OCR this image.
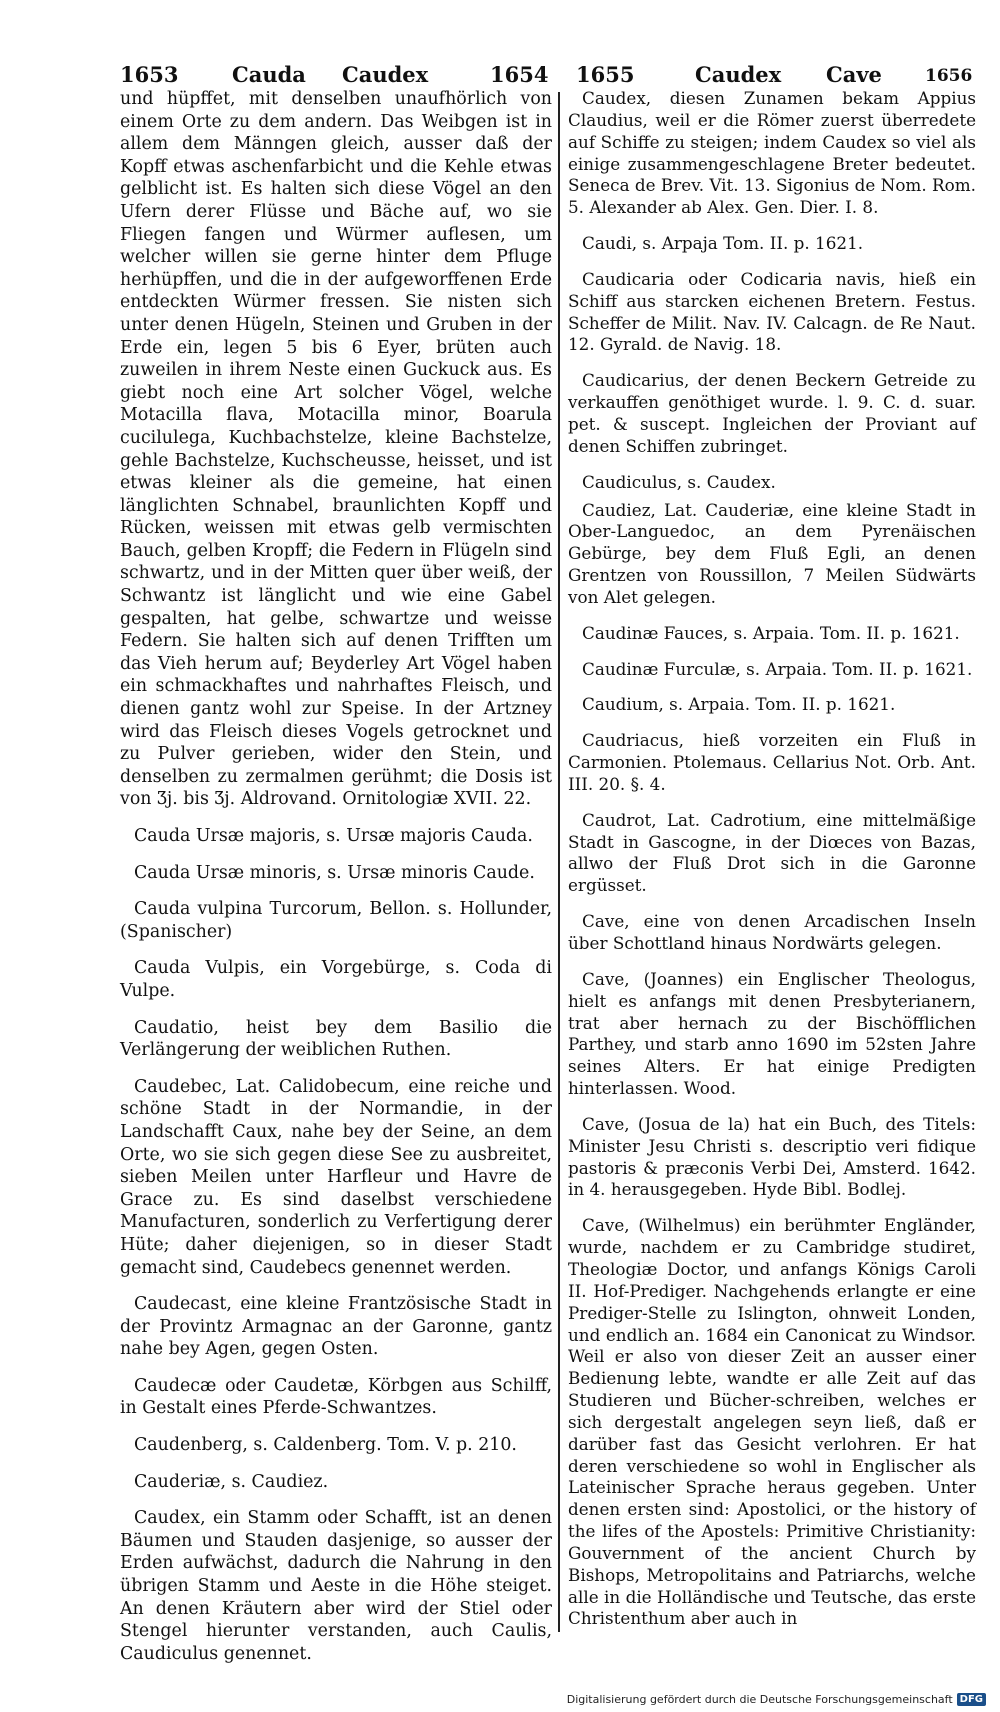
1653	Cauda Caudex	1654 1655	Caudex Cave	1656

und hüpffet, mit denselben unaufhörlich von einem Orte zu dem andern. Das Weibgen ist in allem dem Männgen gleich, ausser daß der Kopff etwas aschenfarbicht und die Kehle etwas gelblicht ist. Es halten sich diese Vögel an den Ufern derer Flüsse und Bäche auf, wo sie Fliegen fangen und Würmer auflesen, um welcher willen sie gerne hinter dem Pfluge herhüpffen, und die in der aufgeworffenen Erde entdeckten Würmer fressen. Sie nisten sich unter denen Hügeln, Steinen und Gruben in der Erde ein, legen 5 bis 6 Eyer, brüten auch zuweilen in ihrem Neste einen Guckuck aus. Es giebt noch eine Art solcher Vögel, welche Motacilla flava, Motacilla minor, Boarula cucilulega, Kuchbachstelze, kleine Bachstelze, gehle Bachstelze, Kuchscheusse, heisset, und ist etwas kleiner als die gemeine, hat einen länglichten Schnabel, braunlichten Kopff und Rücken, weissen mit etwas gelb vermischten Bauch, gelben Kropff; die Federn in Flügeln sind schwartz, und in der Mitten quer über weiß, der Schwantz ist länglicht und wie eine Gabel gespalten, hat gelbe, schwartze und weisse Federn. Sie halten sich auf denen Trifften um das Vieh herum auf; Beyderley Art Vögel haben ein schmackhaftes und nahrhaftes Fleisch, und dienen gantz wohl zur Speise. In der Artzney wird das Fleisch dieses Vogels getrocknet und zu Pulver gerieben, wider den Stein, und denselben zu zermalmen gerühmt; die Dosis ist von Ʒj. bis Ʒj. Aldrovand. Ornitologiæ XVII. 22.

Cauda Ursæ majoris, s. Ursæ majoris Cauda.

Cauda Ursæ minoris, s. Ursæ minoris Caude.

Cauda vulpina Turcorum, Bellon. s. Hollunder, (Spanischer)

Cauda Vulpis, ein Vorgebürge, s. Coda di Vulpe.

Caudatio, heist bey dem Basilio die Verlängerung der weiblichen Ruthen.

Caudebec, Lat. Calidobecum, eine reiche und schöne Stadt in der Normandie, in der Landschafft Caux, nahe bey der Seine, an dem Orte, wo sie sich gegen diese See zu ausbreitet, sieben Meilen unter Harfleur und Havre de Grace zu. Es sind daselbst verschiedene Manufacturen, sonderlich zu Verfertigung derer Hüte; daher diejenigen, so in dieser Stadt gemacht sind, Caudebecs genennet werden.

Caudecast, eine kleine Frantzösische Stadt in der Provintz Armagnac an der Garonne, gantz nahe bey Agen, gegen Osten.

Caudecæ oder Caudetæ, Körbgen aus Schilff, in Gestalt eines Pferde-Schwantzes.

Caudenberg, s. Caldenberg. Tom. V. p. 210.

Cauderiæ, s. Caudiez.

Caudex, ein Stamm oder Schafft, ist an denen Bäumen und Stauden dasjenige, so ausser der Erden aufwächst, dadurch die Nahrung in den übrigen Stamm und Aeste in die Höhe steiget. An denen Kräutern aber wird der Stiel oder Stengel hierunter verstanden, auch Caulis, Caudiculus genennet.

Caudex, diesen Zunamen bekam Appius Claudius, weil er die Römer zuerst überredete auf Schiffe zu steigen; indem Caudex so viel als einige zusammengeschlagene Breter bedeutet. Seneca de Brev. Vit. 13. Sigonius de Nom. Rom. 5. Alexander ab Alex. Gen. Dier. I. 8.

Caudi, s. Arpaja Tom. II. p. 1621.

Caudicaria oder Codicaria navis, hieß ein Schiff aus starcken eichenen Bretern. Festus. Scheffer de Milit. Nav. IV. Calcagn. de Re Naut. 12. Gyrald. de Navig. 18.

Caudicarius, der denen Beckern Getreide zu verkauffen genöthiget wurde. l. 9. C. d. suar. pet. & suscept. Ingleichen der Proviant auf denen Schiffen zubringet.

Caudiculus, s. Caudex.

Caudiez, Lat. Cauderiæ, eine kleine Stadt in Ober-Languedoc, an dem Pyrenäischen Gebürge, bey dem Fluß Egli, an denen Grentzen von Roussillon, 7 Meilen Südwärts von Alet gelegen.

Caudinæ Fauces, s. Arpaia. Tom. II. p. 1621.

Caudinæ Furculæ, s. Arpaia. Tom. II. p. 1621.

Caudium, s. Arpaia. Tom. II. p. 1621.

Caudriacus, hieß vorzeiten ein Fluß in Carmonien. Ptolemaus. Cellarius Not. Orb. Ant. III. 20. §. 4.

Caudrot, Lat. Cadrotium, eine mittelmäßige Stadt in Gascogne, in der Diœces von Bazas, allwo der Fluß Drot sich in die Garonne ergüsset.

Cave, eine von denen Arcadischen Inseln über Schottland hinaus Nordwärts gelegen.

Cave, (Joannes) ein Englischer Theologus, hielt es anfangs mit denen Presbyterianern, trat aber hernach zu der Bischöfflichen Parthey, und starb anno 1690 im 52sten Jahre seines Alters. Er hat einige Predigten hinterlassen. Wood.

Cave, (Josua de la) hat ein Buch, des Titels: Minister Jesu Christi s. descriptio veri fidique pastoris & præconis Verbi Dei, Amsterd. 1642. in 4. herausgegeben. Hyde Bibl. Bodlej.

Cave, (Wilhelmus) ein berühmter Engländer, wurde, nachdem er zu Cambridge studiret, Theologiæ Doctor, und anfangs Königs Caroli II. Hof-Prediger. Nachgehends erlangte er eine Prediger-Stelle zu Islington, ohnweit Londen, und endlich an. 1684 ein Canonicat zu Windsor. Weil er also von dieser Zeit an ausser einer Bedienung lebte, wandte er alle Zeit auf das Studieren und Bücher-schreiben, welches er sich dergestalt angelegen seyn ließ, daß er darüber fast das Gesicht verlohren. Er hat deren verschiedene so wohl in Englischer als Lateinischer Sprache heraus gegeben. Unter denen ersten sind: Apostolici, or the history of the lifes of the Apostels: Primitive Christianity: Gouvernment of the ancient Church by Bishops, Metropolitains and Patriarchs, welche alle in die Holländische und Teutsche, das erste Christenthum aber auch in

Digitalisierung gefördert durch die Deutsche Forschungsgemeinschaft DFG
